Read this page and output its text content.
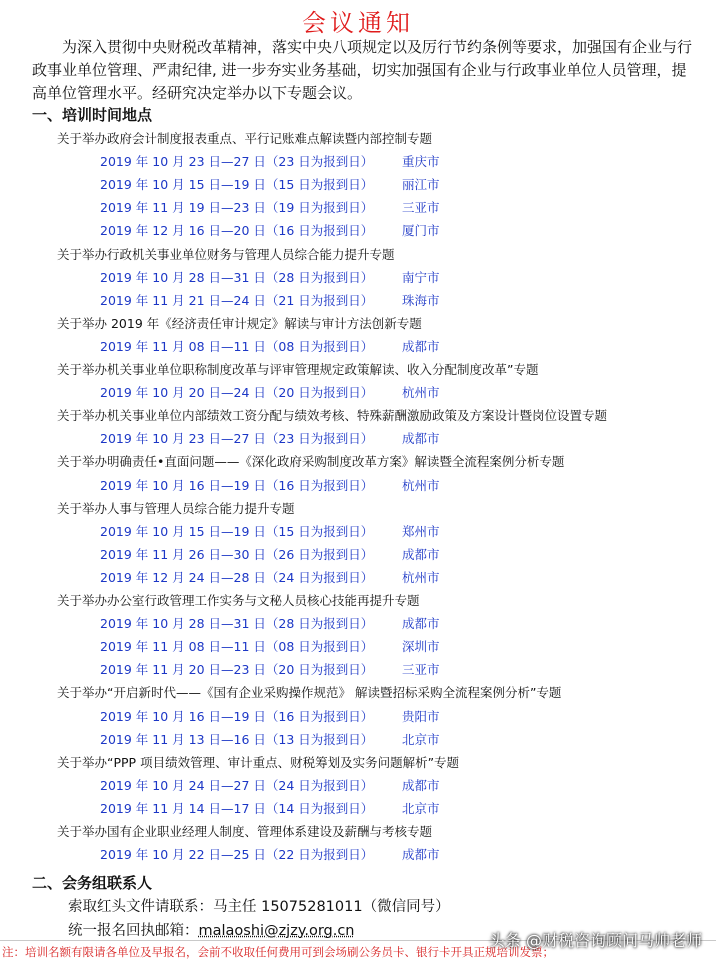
会议通知
为深入贯彻中央财税改革精神，落实中央八项规定以及厉行节约条例等要求，加强国有企业与行政事业单位管理、严肃纪律, 进一步夯实业务基础，切实加强国有企业与行政事业单位人员管理，提高单位管理水平。经研究决定举办以下专题会议。
一、培训时间地点
关于举办政府会计制度报表重点、平行记账难点解读暨内部控制专题
2019 年 10 月 23 日—27 日（23 日为报到日） 重庆市
2019 年 10 月 15 日—19 日（15 日为报到日） 丽江市
2019 年 11 月 19 日—23 日（19 日为报到日） 三亚市
2019 年 12 月 16 日—20 日（16 日为报到日） 厦门市
关于举办行政机关事业单位财务与管理人员综合能力提升专题
2019 年 10 月 28 日—31 日（28 日为报到日） 南宁市
2019 年 11 月 21 日—24 日（21 日为报到日） 珠海市
关于举办 2019 年《经济责任审计规定》解读与审计方法创新专题
2019 年 11 月 08 日—11 日（08 日为报到日） 成都市
关于举办机关事业单位职称制度改革与评审管理规定政策解读、收入分配制度改革”专题
2019 年 10 月 20 日—24 日（20 日为报到日） 杭州市
关于举办机关事业单位内部绩效工资分配与绩效考核、特殊薪酬激励政策及方案设计暨岗位设置专题
2019 年 10 月 23 日—27 日（23 日为报到日） 成都市
关于举办明确责任•直面问题——《深化政府采购制度改革方案》解读暨全流程案例分析专题
2019 年 10 月 16 日—19 日（16 日为报到日） 杭州市
关于举办人事与管理人员综合能力提升专题
2019 年 10 月 15 日—19 日（15 日为报到日） 郑州市
2019 年 11 月 26 日—30 日（26 日为报到日） 成都市
2019 年 12 月 24 日—28 日（24 日为报到日） 杭州市
关于举办办公室行政管理工作实务与文秘人员核心技能再提升专题
2019 年 10 月 28 日—31 日（28 日为报到日） 成都市
2019 年 11 月 08 日—11 日（08 日为报到日） 深圳市
2019 年 11 月 20 日—23 日（20 日为报到日） 三亚市
关于举办“开启新时代——《国有企业采购操作规范》 解读暨招标采购全流程案例分析”专题
2019 年 10 月 16 日—19 日（16 日为报到日） 贵阳市
2019 年 11 月 13 日—16 日（13 日为报到日） 北京市
关于举办“PPP 项目绩效管理、审计重点、财税筹划及实务问题解析”专题
2019 年 10 月 24 日—27 日（24 日为报到日） 成都市
2019 年 11 月 14 日—17 日（14 日为报到日） 北京市
关于举办国有企业职业经理人制度、管理体系建设及薪酬与考核专题
2019 年 10 月 22 日—25 日（22 日为报到日） 成都市
二、会务组联系人
索取红头文件请联系：马主任 15075281011（微信同号）
统一报名回执邮箱：malaoshi@zjzy.org.cn
注：培训名额有限请各单位及早报名，会前不收取任何费用可到会场刷公务员卡、银行卡开具正规培训发票；
头条 @财税咨询顾问马帅老师
